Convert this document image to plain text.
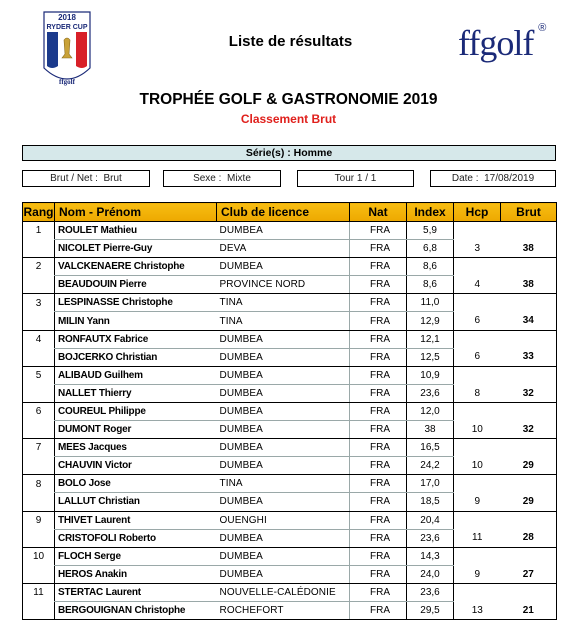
2018
RYDER CUP
ffgolf
Liste de résultats	ffgolf ®
TROPHÉE GOLF & GASTRONOMIE 2019
Classement Brut
Série(s) : Homme
Brut / Net : Brut	Sexe : Mixte	Tour 1 / 1	Date : 17/08/2019
Rang	Nom - Prénom	Club de licence	Nat	Index	Hcp	Brut
1	ROULET Mathieu	DUMBEA	FRA	5,9		
	NICOLET Pierre-Guy	DEVA	FRA	6,8	3	38
2	VALCKENAERE Christophe	DUMBEA	FRA	8,6		
	BEAUDOUIN Pierre	PROVINCE NORD	FRA	8,6	4	38
3	LESPINASSE Christophe	TINA	FRA	11,0		
	MILIN Yann	TINA	FRA	12,9	6	34
4	RONFAUTX Fabrice	DUMBEA	FRA	12,1		
	BOJCERKO Christian	DUMBEA	FRA	12,5	6	33
5	ALIBAUD Guilhem	DUMBEA	FRA	10,9		
	NALLET Thierry	DUMBEA	FRA	23,6	8	32
6	COUREUL Philippe	DUMBEA	FRA	12,0		
	DUMONT Roger	DUMBEA	FRA	38	10	32
7	MEES Jacques	DUMBEA	FRA	16,5		
	CHAUVIN Victor	DUMBEA	FRA	24,2	10	29
8	BOLO Jose	TINA	FRA	17,0		
	LALLUT Christian	DUMBEA	FRA	18,5	9	29
9	THIVET Laurent	OUENGHI	FRA	20,4		
	CRISTOFOLI Roberto	DUMBEA	FRA	23,6	11	28
10	FLOCH Serge	DUMBEA	FRA	14,3		
	HEROS Anakin	DUMBEA	FRA	24,0	9	27
11	STERTAC Laurent	NOUVELLE-CALÉDONIE	FRA	23,6		
	BERGOUIGNAN Christophe	ROCHEFORT	FRA	29,5	13	21
